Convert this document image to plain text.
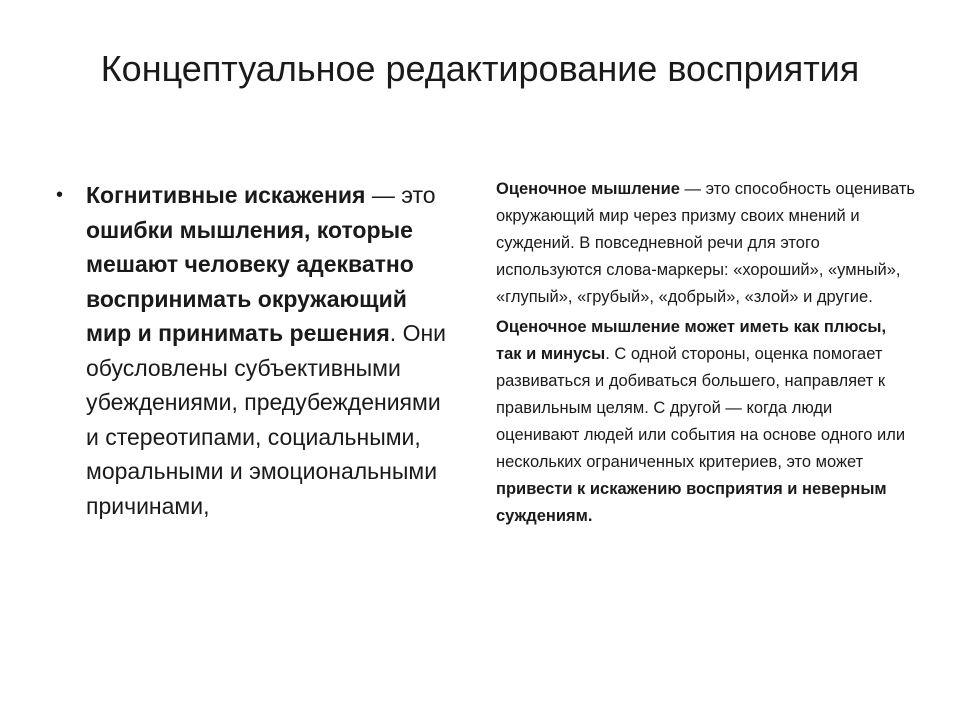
Концептуальное редактирование восприятия
• Когнитивные искажения — это ошибки мышления, которые мешают человеку адекватно воспринимать окружающий мир и принимать решения. Они обусловлены субъективными убеждениями, предубеждениями и стереотипами, социальными, моральными и эмоциональными причинами,

Оценочное мышление — это способность оценивать окружающий мир через призму своих мнений и суждений. В повседневной речи для этого используются слова-маркеры: «хороший», «умный», «глупый», «грубый», «добрый», «злой» и другие.

Оценочное мышление может иметь как плюсы, так и минусы. С одной стороны, оценка помогает развиваться и добиваться большего, направляет к правильным целям. С другой — когда люди оценивают людей или события на основе одного или нескольких ограниченных критериев, это может привести к искажению восприятия и неверным суждениям.
